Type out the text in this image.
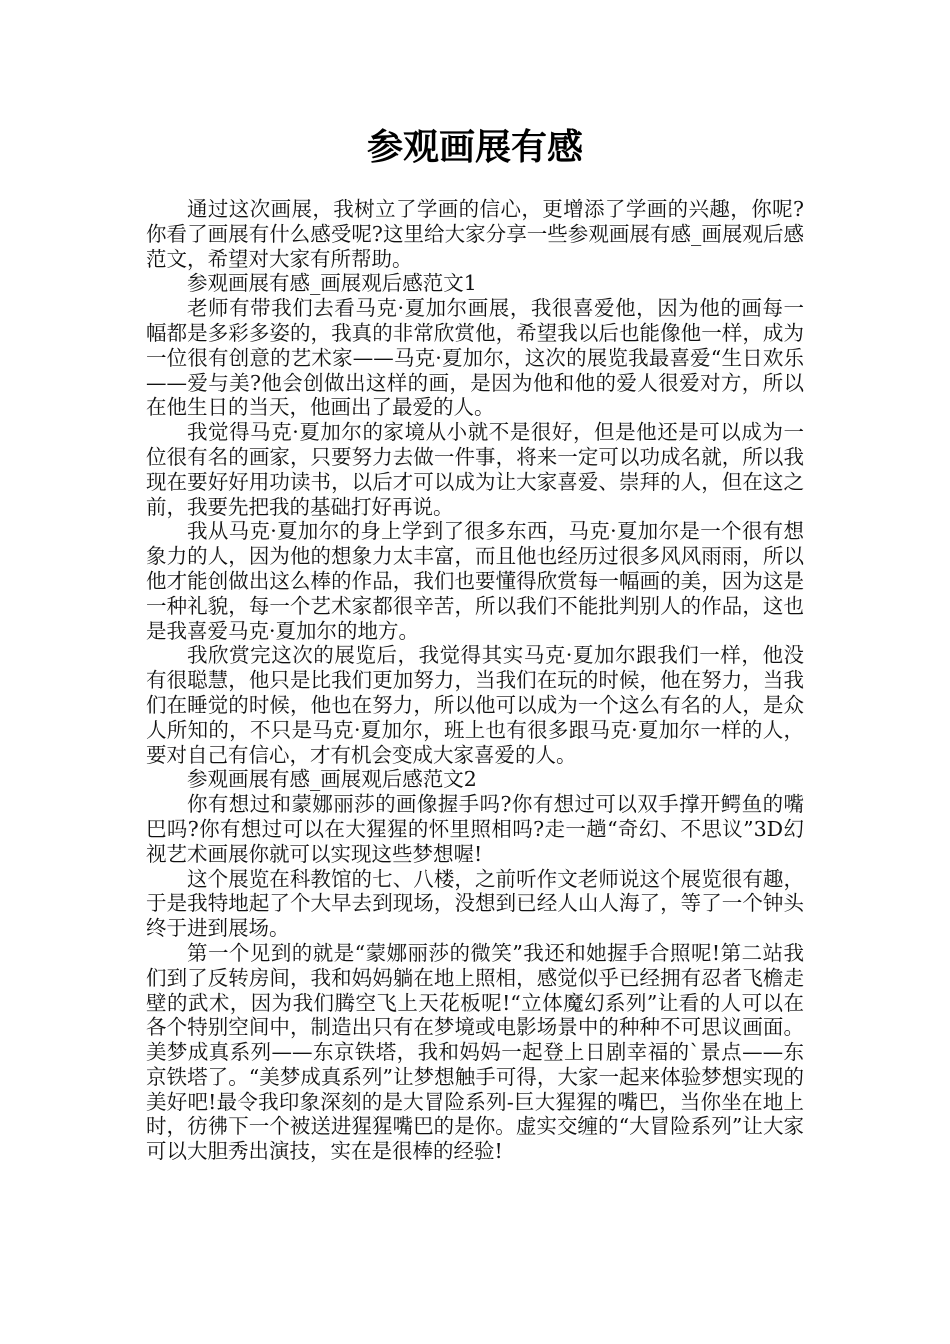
参观画展有感

通过这次画展，我树立了学画的信心，更增添了学画的兴趣，你呢?你看了画展有什么感受呢?这里给大家分享一些参观画展有感_画展观后感范文，希望对大家有所帮助。

参观画展有感_画展观后感范文1

老师有带我们去看马克·夏加尔画展，我很喜爱他，因为他的画每一幅都是多彩多姿的，我真的非常欣赏他，希望我以后也能像他一样，成为一位很有创意的艺术家——马克·夏加尔，这次的展览我最喜爱“生日欢乐——爱与美?他会创做出这样的画，是因为他和他的爱人很爱对方，所以在他生日的当天，他画出了最爱的人。

我觉得马克·夏加尔的家境从小就不是很好，但是他还是可以成为一位很有名的画家，只要努力去做一件事，将来一定可以功成名就，所以我现在要好好用功读书，以后才可以成为让大家喜爱、崇拜的人，但在这之前，我要先把我的基础打好再说。

我从马克·夏加尔的身上学到了很多东西，马克·夏加尔是一个很有想象力的人，因为他的想象力太丰富，而且他也经历过很多风风雨雨，所以他才能创做出这么棒的作品，我们也要懂得欣赏每一幅画的美，因为这是一种礼貌，每一个艺术家都很辛苦，所以我们不能批判别人的作品，这也是我喜爱马克·夏加尔的地方。

我欣赏完这次的展览后，我觉得其实马克·夏加尔跟我们一样，他没有很聪慧，他只是比我们更加努力，当我们在玩的时候，他在努力，当我们在睡觉的时候，他也在努力，所以他可以成为一个这么有名的人，是众人所知的，不只是马克·夏加尔，班上也有很多跟马克·夏加尔一样的人，要对自己有信心，才有机会变成大家喜爱的人。

参观画展有感_画展观后感范文2

你有想过和蒙娜丽莎的画像握手吗?你有想过可以双手撑开鳄鱼的嘴巴吗?你有想过可以在大猩猩的怀里照相吗?走一趟“奇幻、不思议”3D幻视艺术画展你就可以实现这些梦想喔!

这个展览在科教馆的七、八楼，之前听作文老师说这个展览很有趣，于是我特地起了个大早去到现场，没想到已经人山人海了，等了一个钟头终于进到展场。

第一个见到的就是“蒙娜丽莎的微笑”我还和她握手合照呢!第二站我们到了反转房间，我和妈妈躺在地上照相，感觉似乎已经拥有忍者飞檐走壁的武术，因为我们腾空飞上天花板呢!“立体魔幻系列”让看的人可以在各个特别空间中，制造出只有在梦境或电影场景中的种种不可思议画面。美梦成真系列——东京铁塔，我和妈妈一起登上日剧幸福的`景点——东京铁塔了。“美梦成真系列”让梦想触手可得，大家一起来体验梦想实现的美好吧!最令我印象深刻的是大冒险系列-巨大猩猩的嘴巴，当你坐在地上时，彷彿下一个被送进猩猩嘴巴的是你。虚实交缠的“大冒险系列”让大家可以大胆秀出演技，实在是很棒的经验!
